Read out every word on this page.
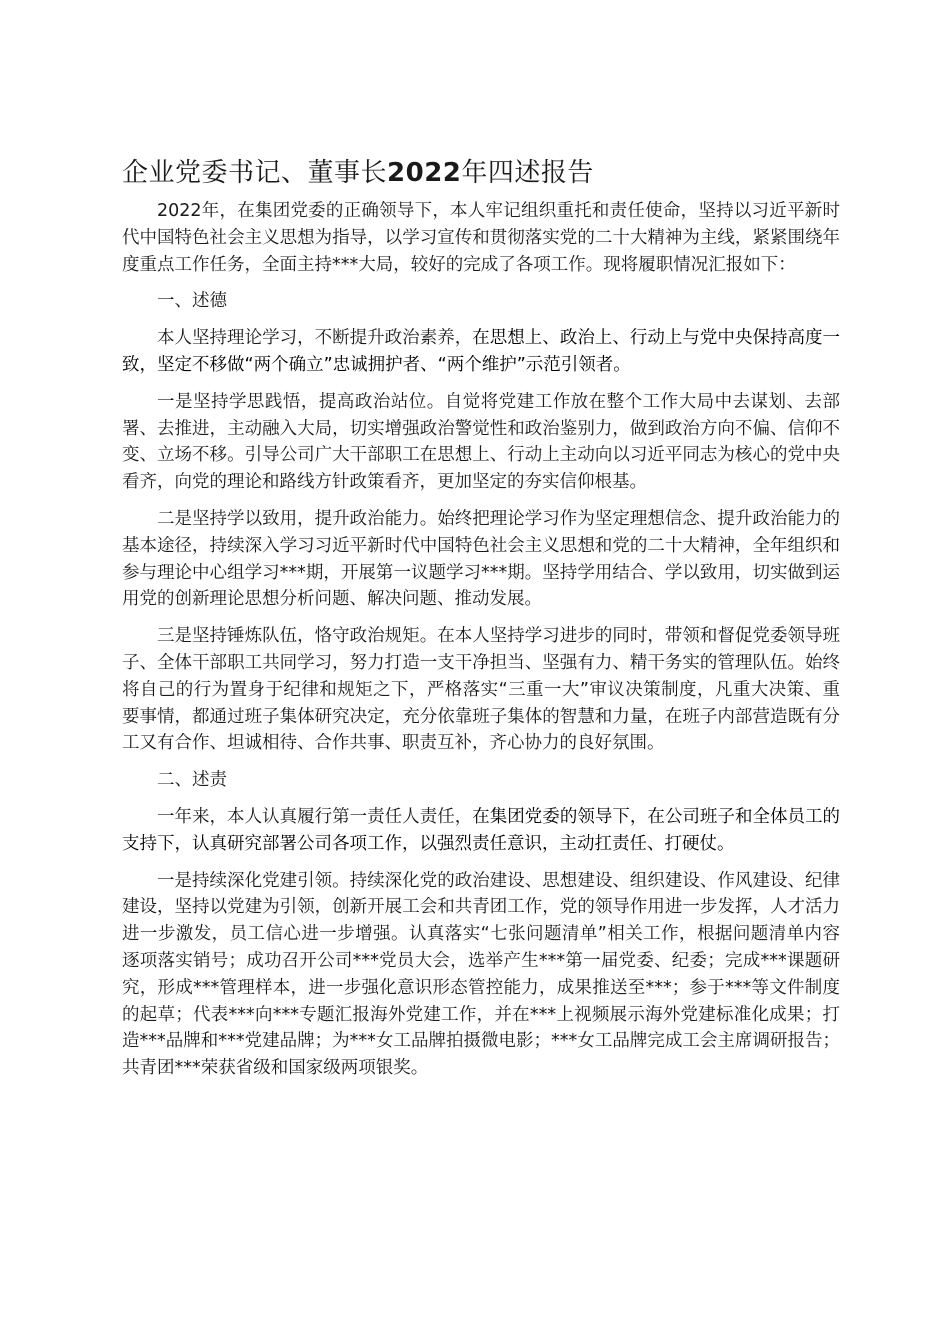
企业党委书记、董事长2022年四述报告

2022年，在集团党委的正确领导下，本人牢记组织重托和责任使命，坚持以习近平新时代中国特色社会主义思想为指导，以学习宣传和贯彻落实党的二十大精神为主线，紧紧围绕年度重点工作任务，全面主持***大局，较好的完成了各项工作。现将履职情况汇报如下：

一、述德

本人坚持理论学习，不断提升政治素养，在思想上、政治上、行动上与党中央保持高度一致，坚定不移做“两个确立”忠诚拥护者、“两个维护”示范引领者。

一是坚持学思践悟，提高政治站位。自觉将党建工作放在整个工作大局中去谋划、去部署、去推进，主动融入大局，切实增强政治警觉性和政治鉴别力，做到政治方向不偏、信仰不变、立场不移。引导公司广大干部职工在思想上、行动上主动向以习近平同志为核心的党中央看齐，向党的理论和路线方针政策看齐，更加坚定的夯实信仰根基。

二是坚持学以致用，提升政治能力。始终把理论学习作为坚定理想信念、提升政治能力的基本途径，持续深入学习习近平新时代中国特色社会主义思想和党的二十大精神，全年组织和参与理论中心组学习***期，开展第一议题学习***期。坚持学用结合、学以致用，切实做到运用党的创新理论思想分析问题、解决问题、推动发展。

三是坚持锤炼队伍，恪守政治规矩。在本人坚持学习进步的同时，带领和督促党委领导班子、全体干部职工共同学习，努力打造一支干净担当、坚强有力、精干务实的管理队伍。始终将自己的行为置身于纪律和规矩之下，严格落实“三重一大”审议决策制度，凡重大决策、重要事情，都通过班子集体研究决定，充分依靠班子集体的智慧和力量，在班子内部营造既有分工又有合作、坦诚相待、合作共事、职责互补，齐心协力的良好氛围。

二、述责

一年来，本人认真履行第一责任人责任，在集团党委的领导下，在公司班子和全体员工的支持下，认真研究部署公司各项工作，以强烈责任意识，主动扛责任、打硬仗。

一是持续深化党建引领。持续深化党的政治建设、思想建设、组织建设、作风建设、纪律建设，坚持以党建为引领，创新开展工会和共青团工作，党的领导作用进一步发挥，人才活力进一步激发，员工信心进一步增强。认真落实“七张问题清单”相关工作，根据问题清单内容逐项落实销号；成功召开公司***党员大会，选举产生***第一届党委、纪委；完成***课题研究，形成***管理样本，进一步强化意识形态管控能力，成果推送至***；参于***等文件制度的起草；代表***向***专题汇报海外党建工作，并在***上视频展示海外党建标准化成果；打造***品牌和***党建品牌；为***女工品牌拍摄微电影；***女工品牌完成工会主席调研报告；共青团***荣获省级和国家级两项银奖。
